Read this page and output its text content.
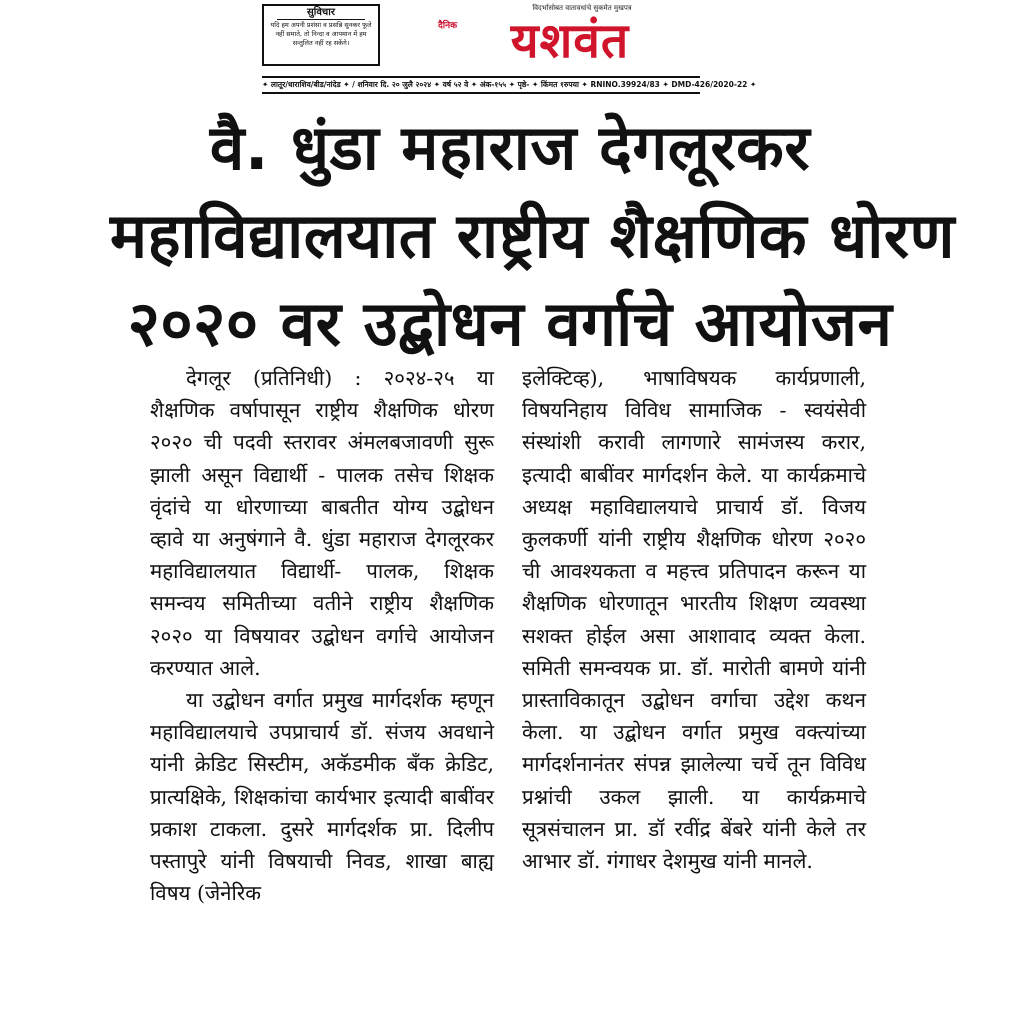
सुविचार
यदि हम अपनी प्रशंसा व प्रसन्नि सुनकर फूले नहीं समाते, तो निन्दा व आपमान में हम सन्तुलित नहीं रह सकेंगे।
विदर्भासोबत वातावधांचे सुकमेत मुखपत्र
दैनिक	यशवंत
✦ लातूर/धाराशिव/बीड/नांदेड ✦ / शनिवार दि. २० जुलै २०२४ ✦ वर्ष ५२ वे ✦ अंक-१५५ ✦ पृष्ठे- ✦ किंमत १रुपया ✦ RNINO.39924/83 ✦ DMD-426/2020-22 ✦
वै. धुंडा महाराज देगलूरकर
महाविद्यालयात राष्ट्रीय शैक्षणिक धोरण
२०२० वर उद्बोधन वर्गाचे आयोजन

देगलूर (प्रतिनिधी) : २०२४-२५ या शैक्षणिक वर्षापासून राष्ट्रीय शैक्षणिक धोरण २०२० ची पदवी स्तरावर अंमलबजावणी सुरू झाली असून विद्यार्थी - पालक तसेच शिक्षक वृंदांचे या धोरणाच्या बाबतीत योग्य उद्बोधन व्हावे या अनुषंगाने वै. धुंडा महाराज देगलूरकर महाविद्यालयात विद्यार्थी- पालक, शिक्षक समन्वय समितीच्या वतीने राष्ट्रीय शैक्षणिक २०२० या विषयावर उद्बोधन वर्गाचे आयोजन करण्यात आले.

या उद्बोधन वर्गात प्रमुख मार्गदर्शक म्हणून महाविद्यालयाचे उपप्राचार्य डॉ. संजय अवधाने यांनी क्रेडिट सिस्टीम, अकॅडमीक बँक क्रेडिट, प्रात्यक्षिके, शिक्षकांचा कार्यभार इत्यादी बाबींवर प्रकाश टाकला. दुसरे मार्गदर्शक प्रा. दिलीप पस्तापुरे यांनी विषयाची निवड, शाखा बाह्य विषय (जेनेरिक

इलेक्टिव्ह), भाषाविषयक कार्यप्रणाली, विषयनिहाय विविध सामाजिक - स्वयंसेवी संस्थांशी करावी लागणारे सामंजस्य करार, इत्यादी बाबींवर मार्गदर्शन केले. या कार्यक्रमाचे अध्यक्ष महाविद्यालयाचे प्राचार्य डॉ. विजय कुलकर्णी यांनी राष्ट्रीय शैक्षणिक धोरण २०२० ची आवश्यकता व महत्त्व प्रतिपादन करून या शैक्षणिक धोरणातून भारतीय शिक्षण व्यवस्था सशक्त होईल असा आशावाद व्यक्त केला. समिती समन्वयक प्रा. डॉ. मारोती बामणे यांनी प्रास्ताविकातून उद्बोधन वर्गाचा उद्देश कथन केला. या उद्बोधन वर्गात प्रमुख वक्त्यांच्या मार्गदर्शनानंतर संपन्न झालेल्या चर्चे तून विविध प्रश्नांची उकल झाली. या कार्यक्रमाचे सूत्रसंचालन प्रा. डॉ रवींद्र बेंबरे यांनी केले तर आभार डॉ. गंगाधर देशमुख यांनी मानले.
